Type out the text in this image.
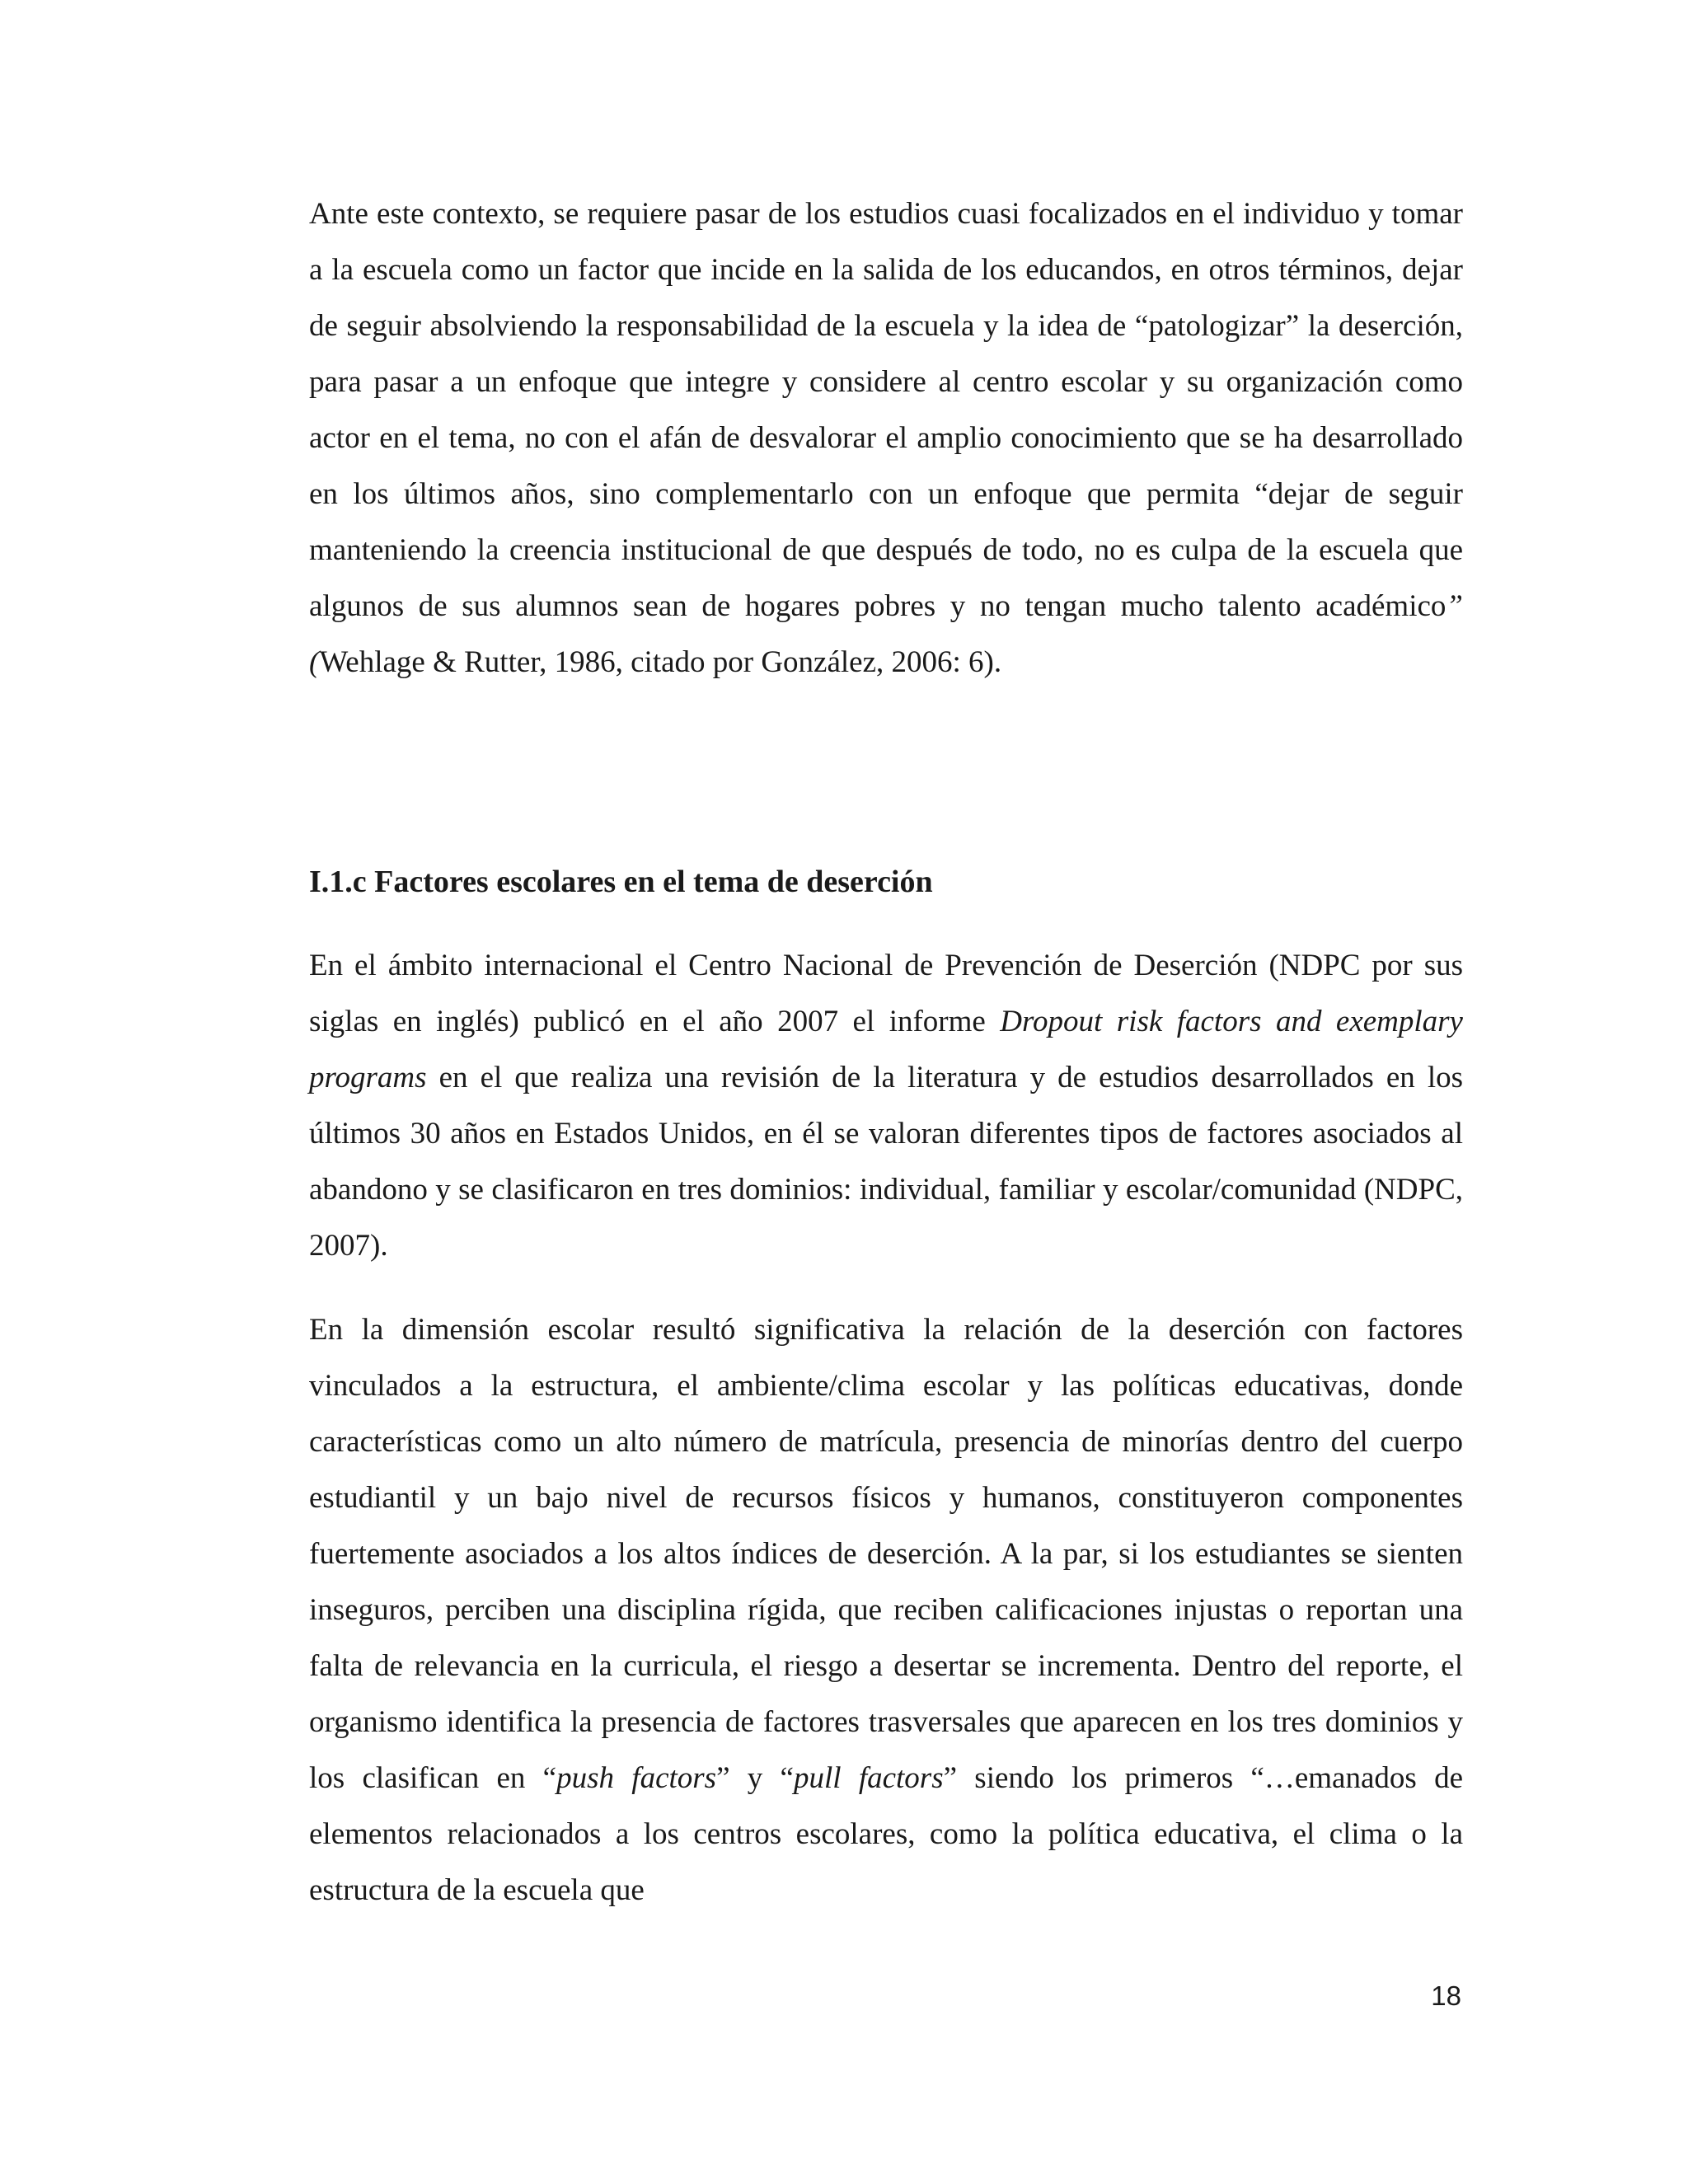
Ante este contexto, se requiere pasar de los estudios cuasi focalizados en el individuo y tomar a la escuela como un factor que incide en la salida de los educandos, en otros términos, dejar de seguir absolviendo la responsabilidad de la escuela y la idea de “patologizar” la deserción, para pasar a un enfoque que integre y considere al centro escolar y su organización como actor en el tema, no con el afán de desvalorar el amplio conocimiento que se ha desarrollado en los últimos años, sino complementarlo con un enfoque que permita “dejar de seguir manteniendo la creencia institucional de que después de todo, no es culpa de la escuela que algunos de sus alumnos sean de hogares pobres y no tengan mucho talento académico” (Wehlage & Rutter, 1986, citado por González, 2006: 6).

I.1.c Factores escolares en el tema de deserción

En el ámbito internacional el Centro Nacional de Prevención de Deserción (NDPC por sus siglas en inglés) publicó en el año 2007 el informe Dropout risk factors and exemplary programs en el que realiza una revisión de la literatura y de estudios desarrollados en los últimos 30 años en Estados Unidos, en él se valoran diferentes tipos de factores asociados al abandono y se clasificaron en tres dominios: individual, familiar y escolar/comunidad (NDPC, 2007).

En la dimensión escolar resultó significativa la relación de la deserción con factores vinculados a la estructura, el ambiente/clima escolar y las políticas educativas, donde características como un alto número de matrícula, presencia de minorías dentro del cuerpo estudiantil y un bajo nivel de recursos físicos y humanos, constituyeron componentes fuertemente asociados a los altos índices de deserción. A la par, si los estudiantes se sienten inseguros, perciben una disciplina rígida, que reciben calificaciones injustas o reportan una falta de relevancia en la curricula, el riesgo a desertar se incrementa. Dentro del reporte, el organismo identifica la presencia de factores trasversales que aparecen en los tres dominios y los clasifican en “push factors” y “pull factors” siendo los primeros “…emanados de elementos relacionados a los centros escolares, como la política educativa, el clima o la estructura de la escuela que

18
